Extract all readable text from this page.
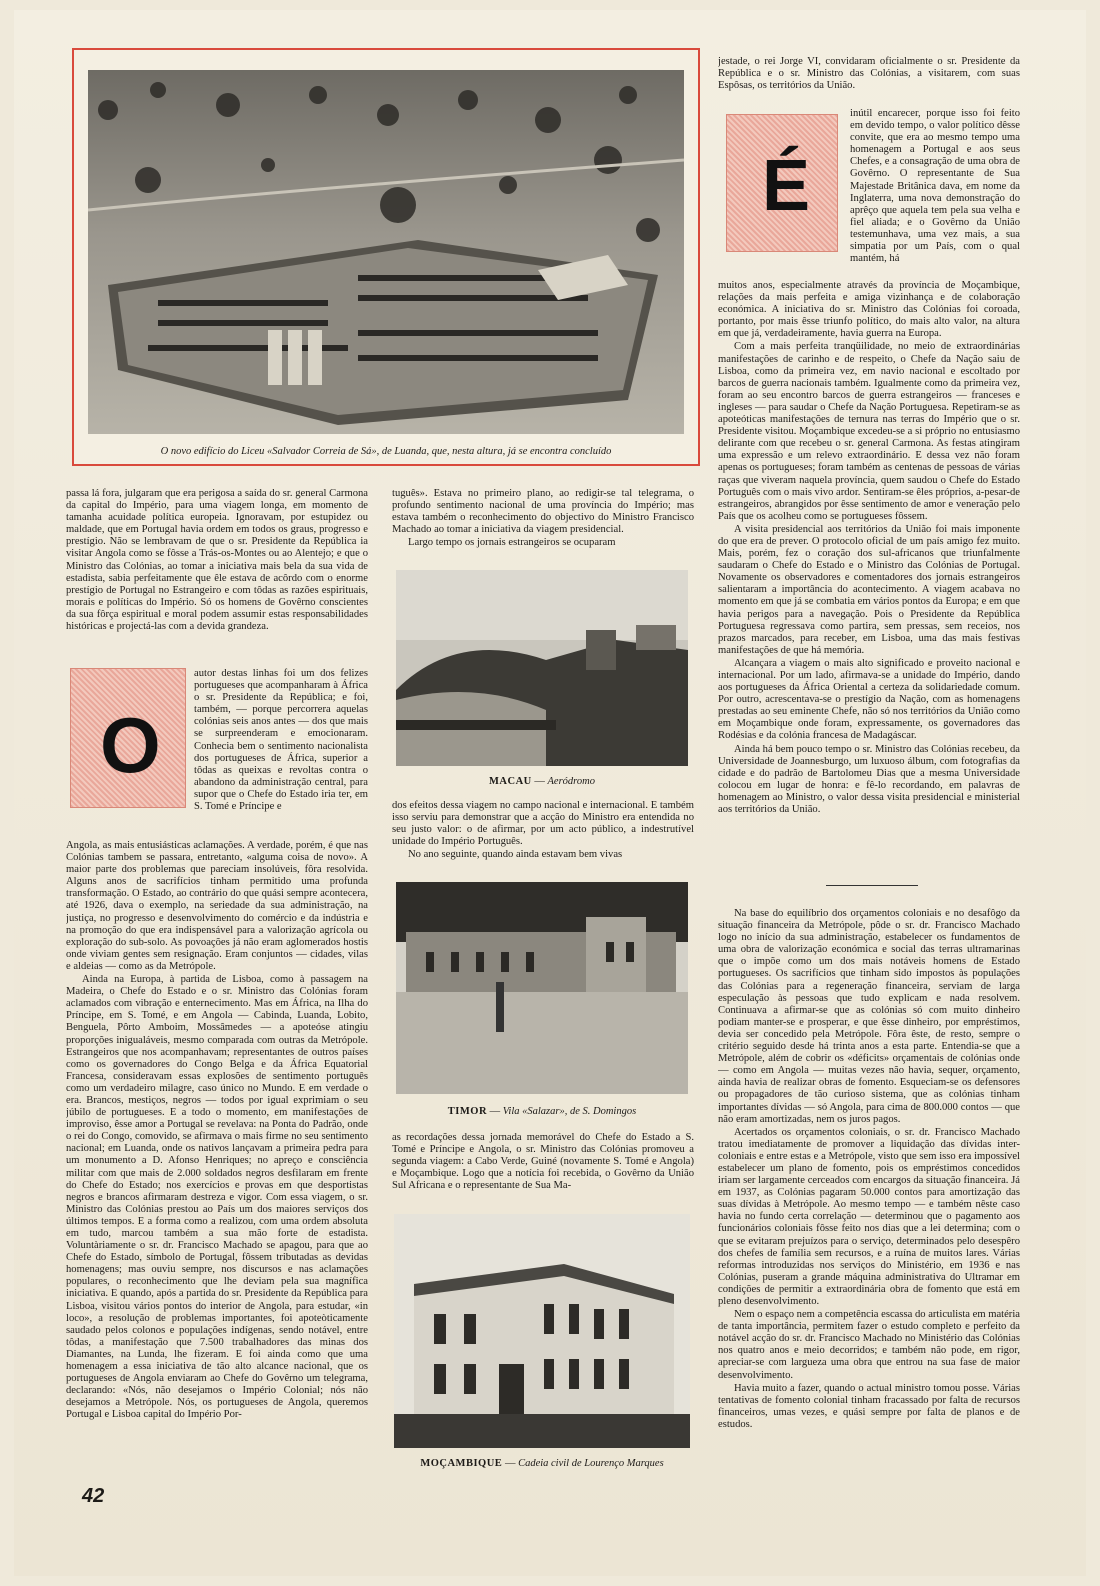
O novo edifício do Liceu «Salvador Correia de Sá», de Luanda, que, nesta altura, já se encontra concluído

passa lá fora, julgaram que era perigosa a saída do sr. general Carmona da capital do Império, para uma viagem longa, em momento de tamanha acuidade política europeia. Ignoravam, por estupidez ou maldade, que em Portugal havia ordem em todos os graus, progresso e prestígio. Não se lembravam de que o sr. Presidente da República ia visitar Angola como se fôsse a Trás-os-Montes ou ao Alentejo; e que o Ministro das Colónias, ao tomar a iniciativa mais bela da sua vida de estadista, sabia perfeitamente que êle estava de acôrdo com o enorme prestígio de Portugal no Estrangeiro e com tôdas as razões espirituais, morais e políticas do Império. Só os homens de Govêrno conscientes da sua fôrça espiritual e moral podem assumir estas responsabilidades históricas e projectá-las com a devida grandeza.

O

autor destas linhas foi um dos felizes portugueses que acompanharam à África o sr. Presidente da República; e foi, também, — porque percorrera aquelas colónias seis anos antes — dos que mais se surpreenderam e emocionaram. Conhecia bem o sentimento nacionalista dos portugueses de África, superior a tôdas as queixas e revoltas contra o abandono da administração central, para supor que o Chefe do Estado iria ter, em S. Tomé e Príncipe e

Angola, as mais entusiásticas aclamações. A verdade, porém, é que nas Colónias tambem se passara, entretanto, «alguma coisa de novo». A maior parte dos problemas que pareciam insolúveis, fôra resolvida. Alguns anos de sacrifícios tinham permitido uma profunda transformação. O Estado, ao contrário do que quási sempre acontecera, até 1926, dava o exemplo, na seriedade da sua administração, na justiça, no progresso e desenvolvimento do comércio e da indústria e na promoção do que era indispensável para a valorização agrícola ou exploração do sub-solo. As povoações já não eram aglomerados hostis onde viviam gentes sem resignação. Eram conjuntos — cidades, vilas e aldeias — como as da Metrópole.

Ainda na Europa, à partida de Lisboa, como à passagem na Madeira, o Chefe do Estado e o sr. Ministro das Colónias foram aclamados com vibração e enternecimento. Mas em África, na Ilha do Príncipe, em S. Tomé, e em Angola — Cabinda, Luanda, Lobito, Benguela, Pôrto Amboim, Mossâmedes — a apoteóse atingiu proporções inigualáveis, mesmo comparada com outras da Metrópole. Estrangeiros que nos acompanhavam; representantes de outros países como os governadores do Congo Belga e da África Equatorial Francesa, consideravam essas explosões de sentimento português como um verdadeiro milagre, caso único no Mundo. E em verdade o era. Brancos, mestiços, negros — todos por igual exprimiam o seu júbilo de portugueses. E a todo o momento, em manifestações de improviso, êsse amor a Portugal se revelava: na Ponta do Padrão, onde o rei do Congo, comovido, se afirmava o mais firme no seu sentimento nacional; em Luanda, onde os nativos lançavam a primeira pedra para um monumento a D. Afonso Henriques; no apreço e consciência militar com que mais de 2.000 soldados negros desfilaram em frente do Chefe do Estado; nos exercícios e provas em que desportistas negros e brancos afirmaram destreza e vigor. Com essa viagem, o sr. Ministro das Colónias prestou ao País um dos maiores serviços dos últimos tempos. E a forma como a realizou, com uma ordem absoluta em tudo, marcou também a sua mão forte de estadista. Voluntàriamente o sr. dr. Francisco Machado se apagou, para que ao Chefe do Estado, símbolo de Portugal, fôssem tributadas as devidas homenagens; mas ouviu sempre, nos discursos e nas aclamações populares, o reconhecimento que lhe deviam pela sua magnífica iniciativa. E quando, após a partida do sr. Presidente da República para Lisboa, visitou vários pontos do interior de Angola, para estudar, «in loco», a resolução de problemas importantes, foi apoteòticamente saudado pelos colonos e populações indígenas, sendo notável, entre tôdas, a manifestação que 7.500 trabalhadores das minas dos Diamantes, na Lunda, lhe fizeram. E foi ainda como que uma homenagem a essa iniciativa de tão alto alcance nacional, que os portugueses de Angola enviaram ao Chefe do Govêrno um telegrama, declarando: «Nós, não desejamos o Império Colonial; nós não desejamos a Metrópole. Nós, os portugueses de Angola, queremos Portugal e Lisboa capital do Império Por-

tuguês». Estava no primeiro plano, ao redigir-se tal telegrama, o profundo sentimento nacional de uma província do Império; mas estava também o reconhecimento do objectivo do Ministro Francisco Machado ao tomar a iniciativa da viagem presidencial.

Largo tempo os jornais estrangeiros se ocuparam

MACAU — Aeródromo

dos efeitos dessa viagem no campo nacional e internacional. E também isso serviu para demonstrar que a acção do Ministro era entendida no seu justo valor: o de afirmar, por um acto público, a indestrutível unidade do Império Português.

No ano seguinte, quando ainda estavam bem vivas

TIMOR — Vila «Salazar», de S. Domingos

as recordações dessa jornada memorável do Chefe do Estado a S. Tomé e Príncipe e Angola, o sr. Ministro das Colónias promoveu a segunda viagem: a Cabo Verde, Guiné (novamente S. Tomé e Angola) e Moçambique. Logo que a notícia foi recebida, o Govêrno da União Sul Africana e o representante de Sua Ma-

MOÇAMBIQUE — Cadeia civil de Lourenço Marques

jestade, o rei Jorge VI, convidaram oficialmente o sr. Presidente da República e o sr. Ministro das Colónias, a visitarem, com suas Espôsas, os territórios da União.

É

inútil encarecer, porque isso foi feito em devido tempo, o valor político dêsse convite, que era ao mesmo tempo uma homenagem a Portugal e aos seus Chefes, e a consagração de uma obra de Govêrno. O representante de Sua Majestade Britânica dava, em nome da Inglaterra, uma nova demonstração do aprêço que aquela tem pela sua velha e fiel aliada; e o Govêrno da União testemunhava, uma vez mais, a sua simpatia por um País, com o qual mantém, há

muitos anos, especialmente através da província de Moçambique, relações da mais perfeita e amiga vizinhança e de colaboração económica. A iniciativa do sr. Ministro das Colónias foi coroada, portanto, por mais êsse triunfo político, do mais alto valor, na altura em que já, verdadeiramente, havia guerra na Europa.

Com a mais perfeita tranqüilidade, no meio de extraordinárias manifestações de carinho e de respeito, o Chefe da Nação saiu de Lisboa, como da primeira vez, em navio nacional e escoltado por barcos de guerra nacionais também. Igualmente como da primeira vez, foram ao seu encontro barcos de guerra estrangeiros — franceses e ingleses — para saudar o Chefe da Nação Portuguesa. Repetiram-se as apoteóticas manifestações de ternura nas terras do Império que o sr. Presidente visitou. Moçambique excedeu-se a si próprio no entusiasmo delirante com que recebeu o sr. general Carmona. As festas atingiram uma expressão e um relevo extraordinário. E dessa vez não foram apenas os portugueses; foram também as centenas de pessoas de várias raças que viveram naquela província, quem saudou o Chefe do Estado Português com o mais vivo ardor. Sentiram-se êles próprios, a-pesar-de estrangeiros, abrangidos por êsse sentimento de amor e veneração pelo País que os acolheu como se portugueses fôssem.

A visita presidencial aos territórios da União foi mais imponente do que era de prever. O protocolo oficial de um país amigo fez muito. Mais, porém, fez o coração dos sul-africanos que triunfalmente saudaram o Chefe do Estado e o Ministro das Colónias de Portugal. Novamente os observadores e comentadores dos jornais estrangeiros salientaram a importância do acontecimento. A viagem acabava no momento em que já se combatia em vários pontos da Europa; e em que havia perigos para a navegação. Pois o Presidente da República Portuguesa regressava como partira, sem pressas, sem receios, nos prazos marcados, para receber, em Lisboa, uma das mais festivas manifestações de que há memória.

Alcançara a viagem o mais alto significado e proveito nacional e internacional. Por um lado, afirmava-se a unidade do Império, dando aos portugueses da África Oriental a certeza da solidariedade comum. Por outro, acrescentava-se o prestígio da Nação, com as homenagens prestadas ao seu eminente Chefe, não só nos territórios da União como em Moçambique onde foram, expressamente, os governadores das Rodésias e da colónia francesa de Madagáscar.

Ainda há bem pouco tempo o sr. Ministro das Colónias recebeu, da Universidade de Joannesburgo, um luxuoso álbum, com fotografias da cidade e do padrão de Bartolomeu Dias que a mesma Universidade colocou em lugar de honra: e fê-lo recordando, em palavras de homenagem ao Ministro, o valor dessa visita presidencial e ministerial aos territórios da União.

Na base do equilíbrio dos orçamentos coloniais e no desafôgo da situação financeira da Metrópole, pôde o sr. dr. Francisco Machado logo no início da sua administração, estabelecer os fundamentos de uma obra de valorização económica e social das terras ultramarinas que o impõe como um dos mais notáveis homens de Estado portugueses. Os sacrifícios que tinham sido impostos às populações das Colónias para a regeneração financeira, serviam de larga especulação às pessoas que tudo explicam e nada resolvem. Continuava a afirmar-se que as colónias só com muito dinheiro podiam manter-se e prosperar, e que êsse dinheiro, por empréstimos, devia ser concedido pela Metrópole. Fôra êste, de resto, sempre o critério seguido desde há trinta anos a esta parte. Entendia-se que a Metrópole, além de cobrir os «déficits» orçamentais de colónias onde — como em Angola — muitas vezes não havia, sequer, orçamento, ainda havia de realizar obras de fomento. Esqueciam-se os defensores ou propagadores de tão curioso sistema, que as colónias tinham importantes dívidas — só Angola, para cima de 800.000 contos — que não eram amortizadas, nem os juros pagos.

Acertados os orçamentos coloniais, o sr. dr. Francisco Machado tratou imediatamente de promover a liquidação das dívidas inter-coloniais e entre estas e a Metrópole, visto que sem isso era impossível estabelecer um plano de fomento, pois os empréstimos concedidos iriam ser largamente cerceados com encargos da situação financeira. Já em 1937, as Colónias pagaram 50.000 contos para amortização das suas dívidas à Metrópole. Ao mesmo tempo — e também nêste caso havia no fundo certa correlação — determinou que o pagamento aos funcionários coloniais fôsse feito nos dias que a lei determina; com o que se evitaram prejuízos para o serviço, determinados pelo desespêro dos chefes de família sem recursos, e a ruína de muitos lares. Várias reformas introduzidas nos serviços do Ministério, em 1936 e nas Colónias, puseram a grande máquina administrativa do Ultramar em condições de permitir a extraordinária obra de fomento que está em pleno desenvolvimento.

Nem o espaço nem a competência escassa do articulista em matéria de tanta importância, permitem fazer o estudo completo e perfeito da notável acção do sr. dr. Francisco Machado no Ministério das Colónias nos quatro anos e meio decorridos; e também não pode, em rigor, apreciar-se com largueza uma obra que entrou na sua fase de maior desenvolvimento.

Havia muito a fazer, quando o actual ministro tomou posse. Várias tentativas de fomento colonial tinham fracassado por falta de recursos financeiros, umas vezes, e quási sempre por falta de planos e de estudos.

42
